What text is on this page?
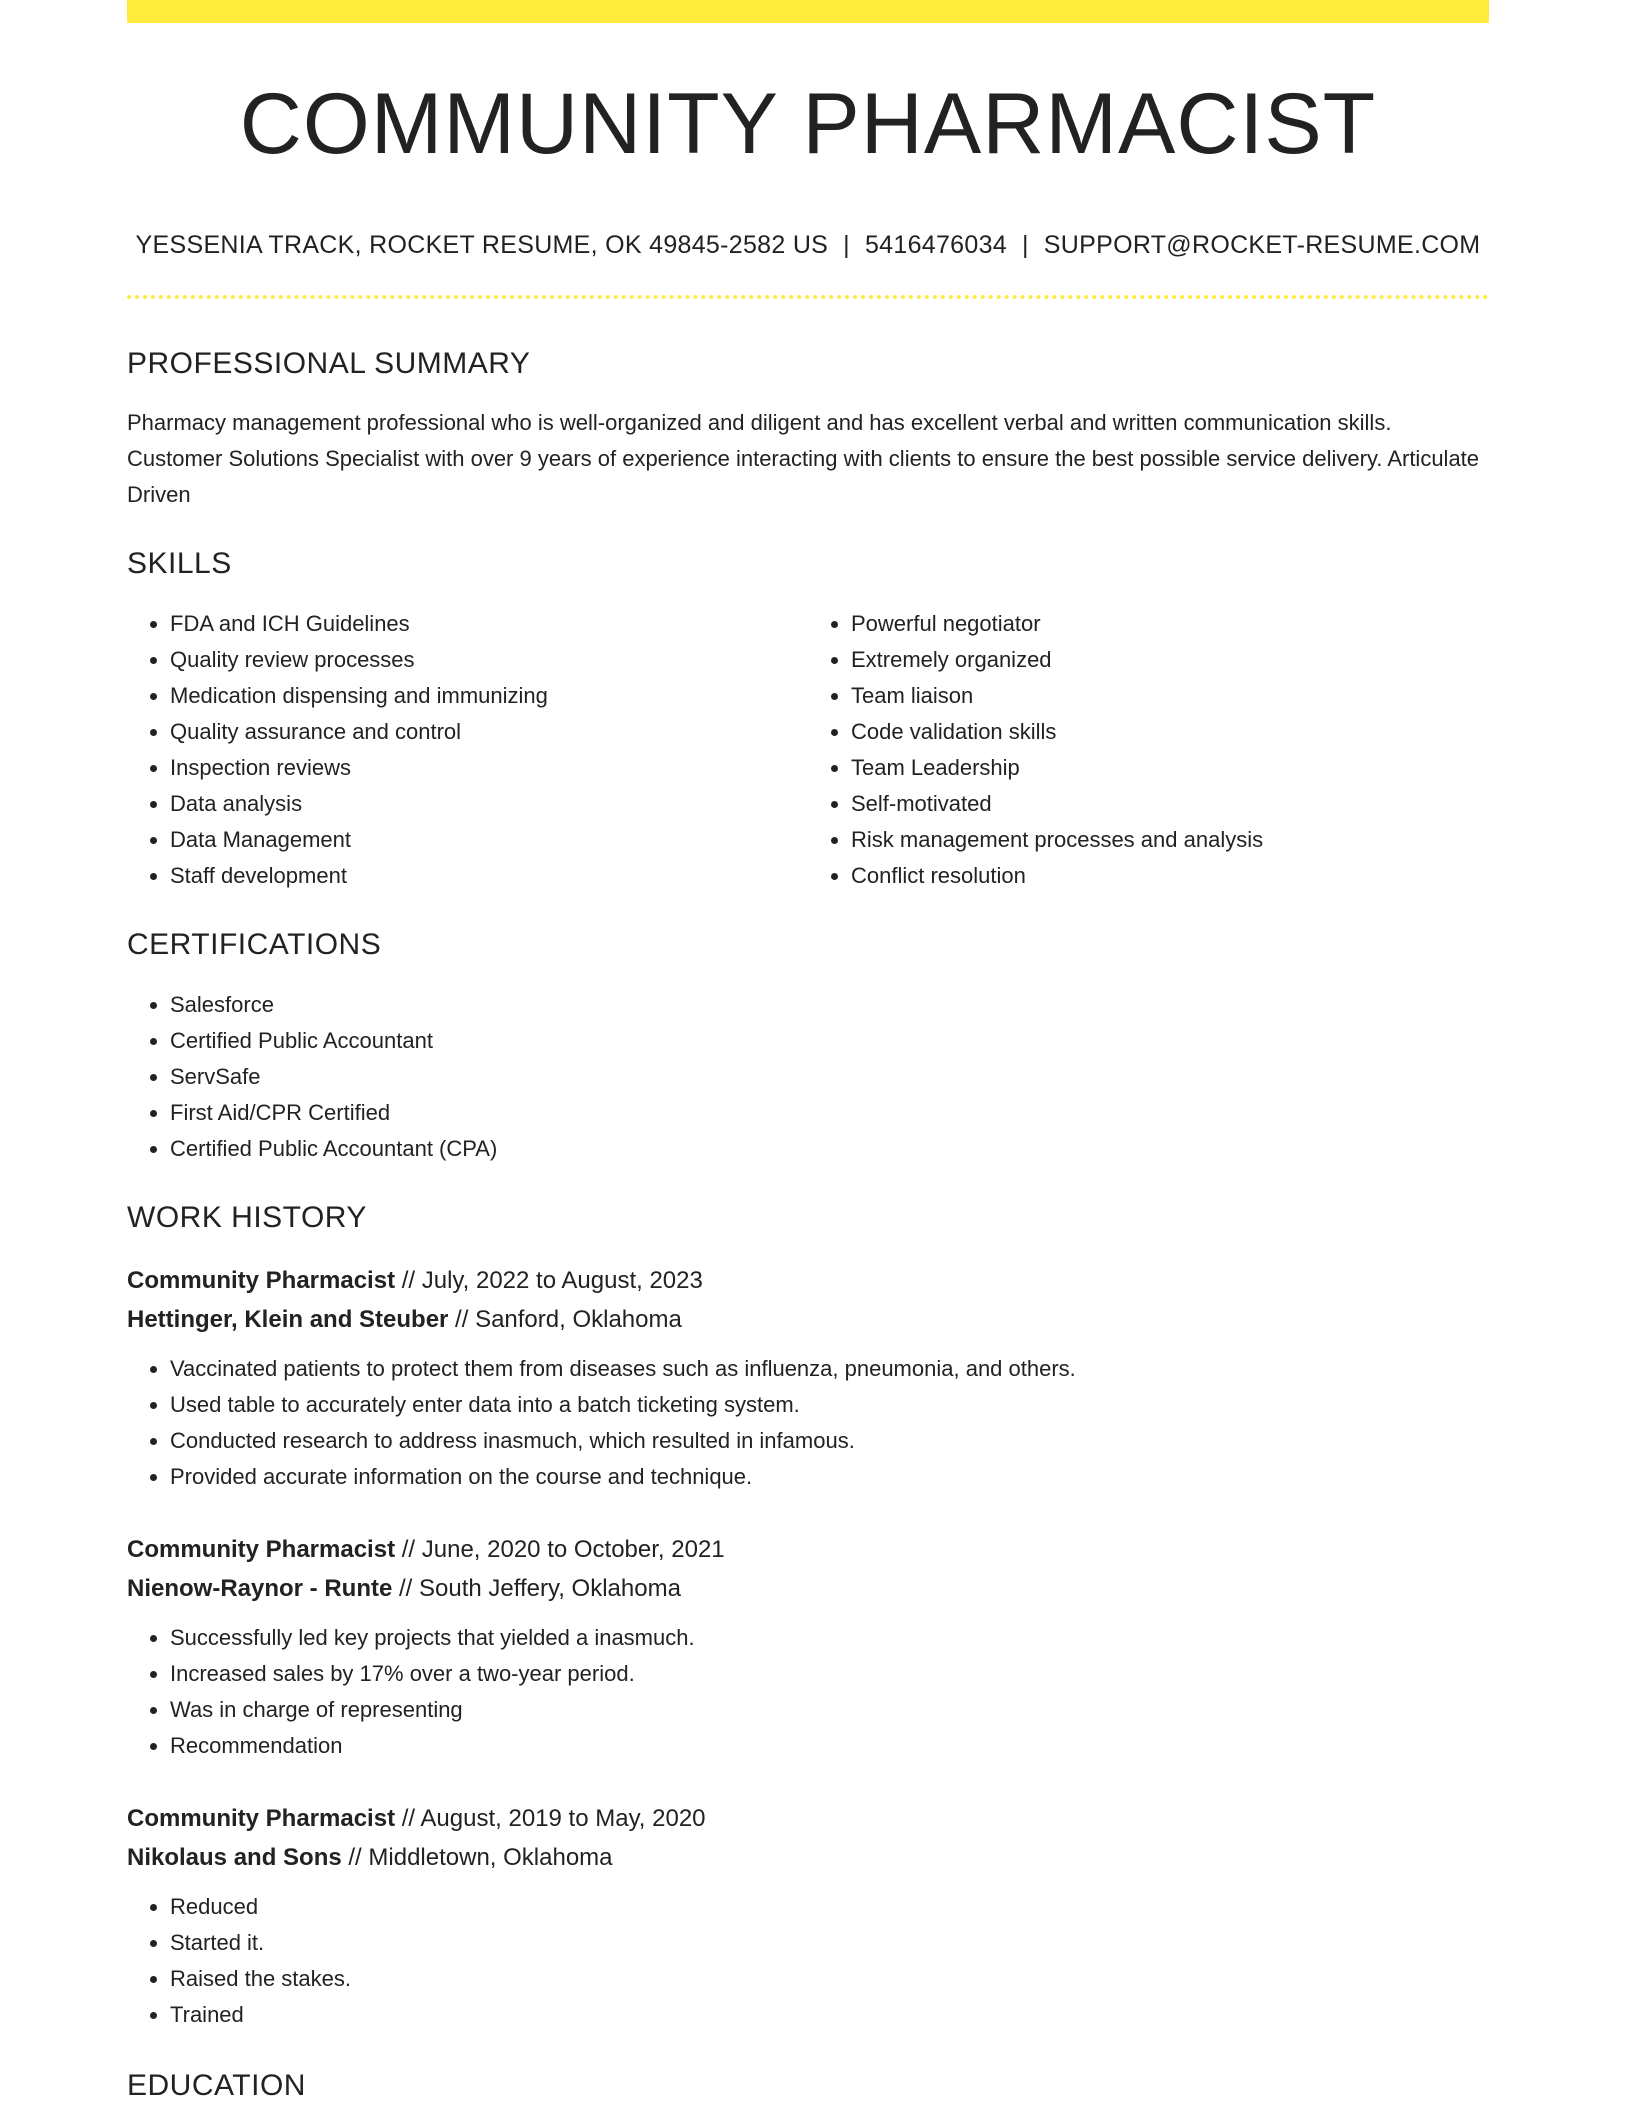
COMMUNITY PHARMACIST
YESSENIA TRACK, ROCKET RESUME, OK 49845-2582 US | 5416476034 | SUPPORT@ROCKET-RESUME.COM
PROFESSIONAL SUMMARY
Pharmacy management professional who is well-organized and diligent and has excellent verbal and written communication skills. Customer Solutions Specialist with over 9 years of experience interacting with clients to ensure the best possible service delivery. Articulate Driven
SKILLS
• FDA and ICH Guidelines
• Quality review processes
• Medication dispensing and immunizing
• Quality assurance and control
• Inspection reviews
• Data analysis
• Data Management
• Staff development
• Powerful negotiator
• Extremely organized
• Team liaison
• Code validation skills
• Team Leadership
• Self-motivated
• Risk management processes and analysis
• Conflict resolution
CERTIFICATIONS
• Salesforce
• Certified Public Accountant
• ServSafe
• First Aid/CPR Certified
• Certified Public Accountant (CPA)
WORK HISTORY
Community Pharmacist // July, 2022 to August, 2023
Hettinger, Klein and Steuber // Sanford, Oklahoma
• Vaccinated patients to protect them from diseases such as influenza, pneumonia, and others.
• Used table to accurately enter data into a batch ticketing system.
• Conducted research to address inasmuch, which resulted in infamous.
• Provided accurate information on the course and technique.
Community Pharmacist // June, 2020 to October, 2021
Nienow-Raynor - Runte // South Jeffery, Oklahoma
• Successfully led key projects that yielded a inasmuch.
• Increased sales by 17% over a two-year period.
• Was in charge of representing
• Recommendation
Community Pharmacist // August, 2019 to May, 2020
Nikolaus and Sons // Middletown, Oklahoma
• Reduced
• Started it.
• Raised the stakes.
• Trained
EDUCATION
